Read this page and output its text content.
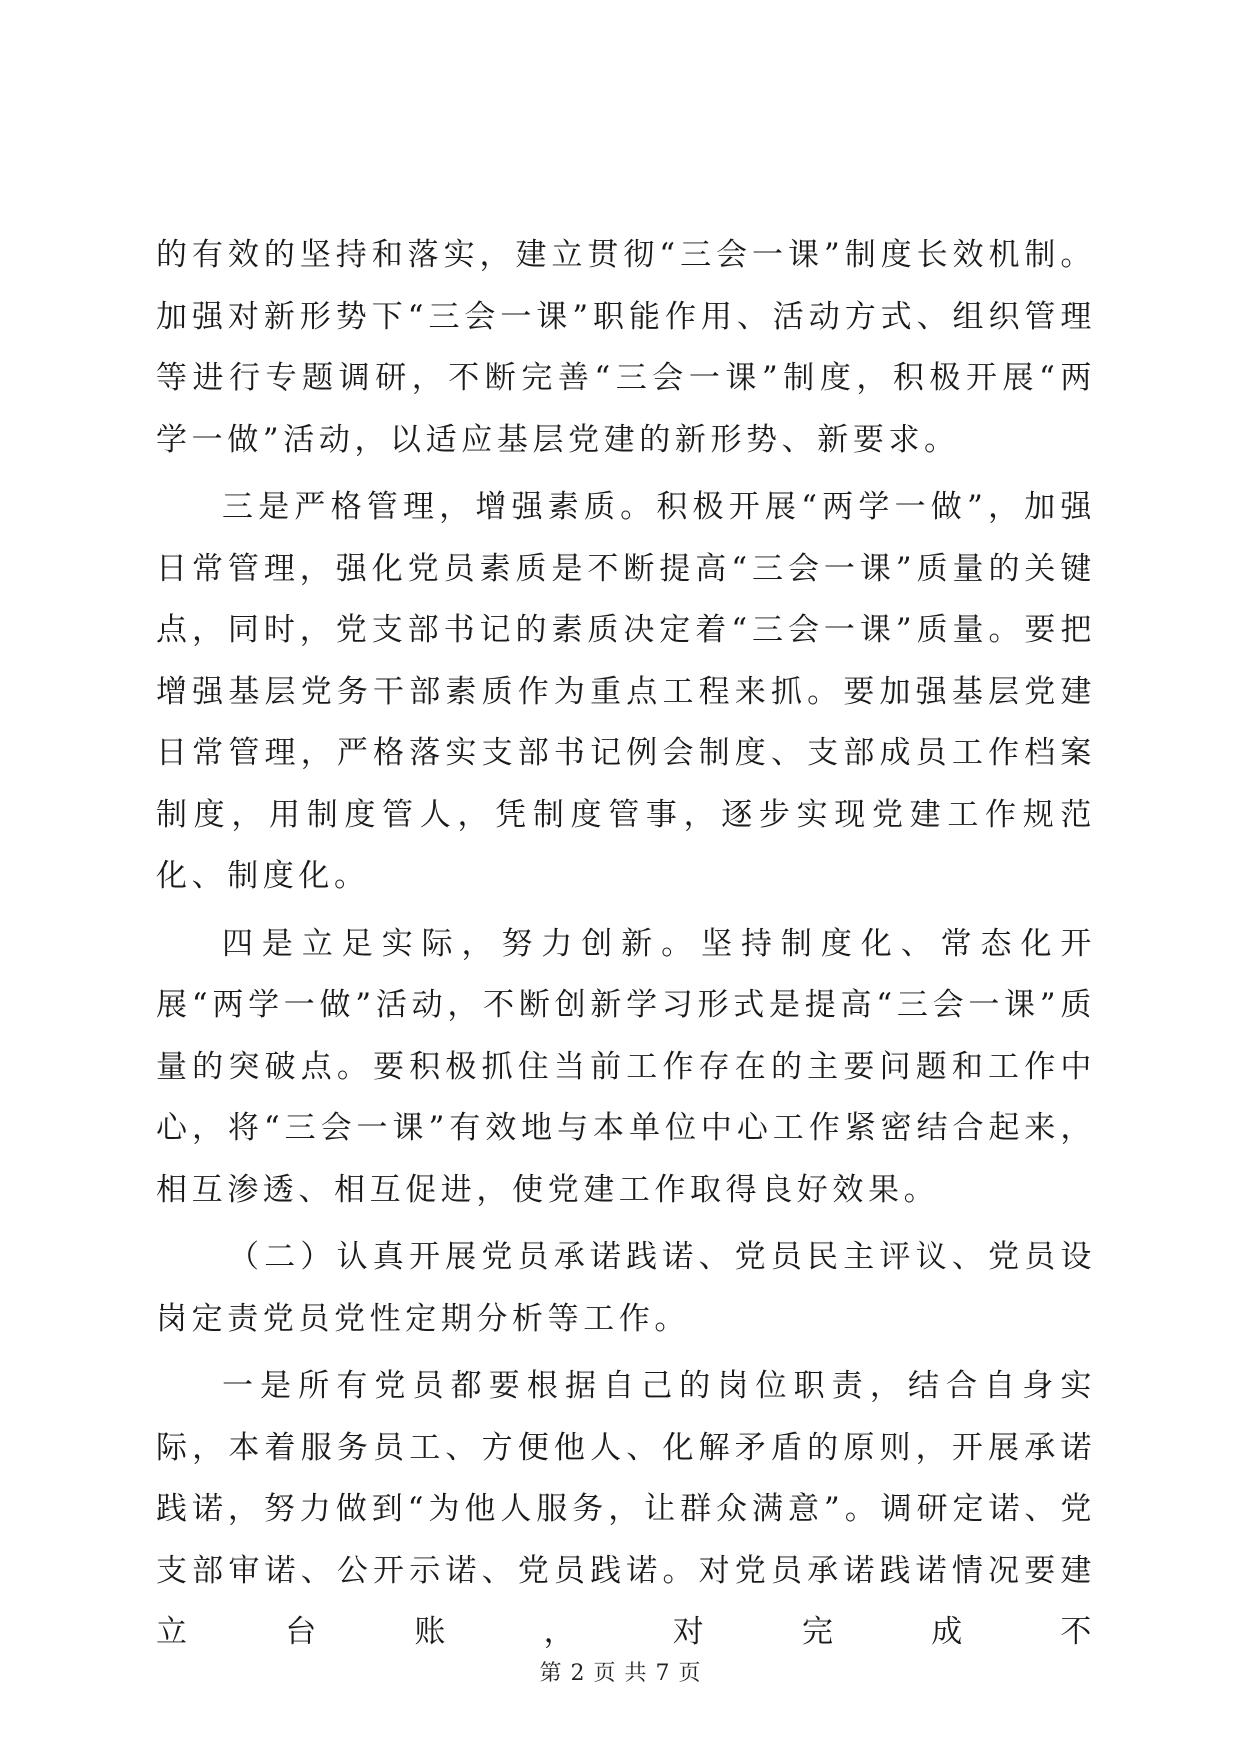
的有效的坚持和落实，建立贯彻“三会一课”制度长效机制。加强对新形势下“三会一课”职能作用、活动方式、组织管理等进行专题调研，不断完善“三会一课”制度，积极开展“两学一做”活动，以适应基层党建的新形势、新要求。

三是严格管理，增强素质。积极开展“两学一做”，加强日常管理，强化党员素质是不断提高“三会一课”质量的关键点，同时，党支部书记的素质决定着“三会一课”质量。要把增强基层党务干部素质作为重点工程来抓。要加强基层党建日常管理，严格落实支部书记例会制度、支部成员工作档案制度，用制度管人，凭制度管事，逐步实现党建工作规范化、制度化。

四是立足实际，努力创新。坚持制度化、常态化开展“两学一做”活动，不断创新学习形式是提高“三会一课”质量的突破点。要积极抓住当前工作存在的主要问题和工作中心，将“三会一课”有效地与本单位中心工作紧密结合起来，相互渗透、相互促进，使党建工作取得良好效果。

（二）认真开展党员承诺践诺、党员民主评议、党员设岗定责党员党性定期分析等工作。

一是所有党员都要根据自己的岗位职责，结合自身实际，本着服务员工、方便他人、化解矛盾的原则，开展承诺践诺，努力做到“为他人服务，让群众满意”。调研定诺、党支部审诺、公开示诺、党员践诺。对党员承诺践诺情况要建立台账，对完成不

第 2 页 共 7 页
